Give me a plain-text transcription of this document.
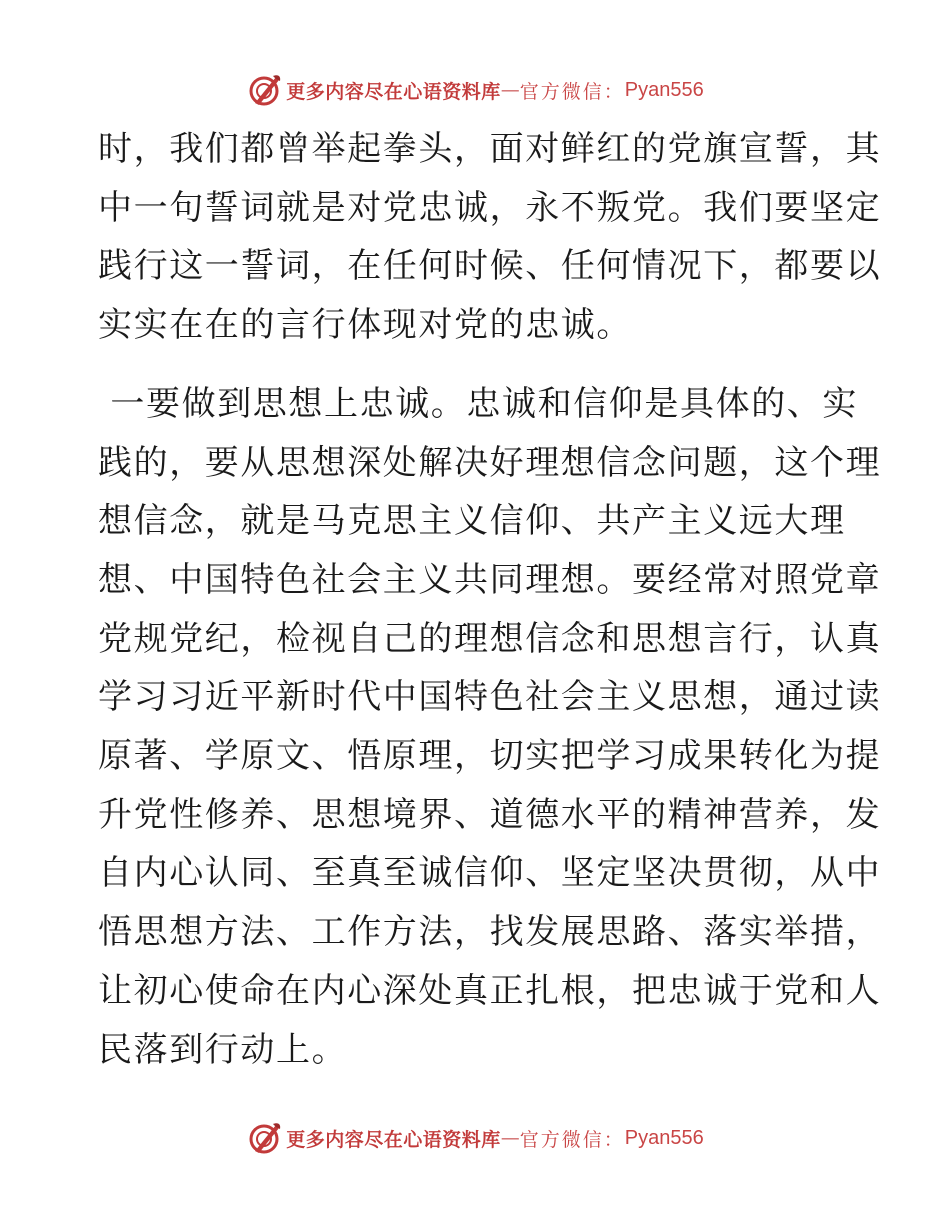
更多内容尽在心语资料库 — 官方微信： Pyan556

时，我们都曾举起拳头，面对鲜红的党旗宣誓，其
中一句誓词就是对党忠诚，永不叛党。我们要坚定
践行这一誓词，在任何时候、任何情况下，都要以
实实在在的言行体现对党的忠诚。

一要做到思想上忠诚。忠诚和信仰是具体的、实
践的，要从思想深处解决好理想信念问题，这个理
想信念，就是马克思主义信仰、共产主义远大理
想、中国特色社会主义共同理想。要经常对照党章
党规党纪，检视自己的理想信念和思想言行，认真
学习习近平新时代中国特色社会主义思想，通过读
原著、学原文、悟原理，切实把学习成果转化为提
升党性修养、思想境界、道德水平的精神营养，发
自内心认同、至真至诚信仰、坚定坚决贯彻，从中
悟思想方法、工作方法，找发展思路、落实举措，
让初心使命在内心深处真正扎根，把忠诚于党和人
民落到行动上。

更多内容尽在心语资料库 — 官方微信： Pyan556
